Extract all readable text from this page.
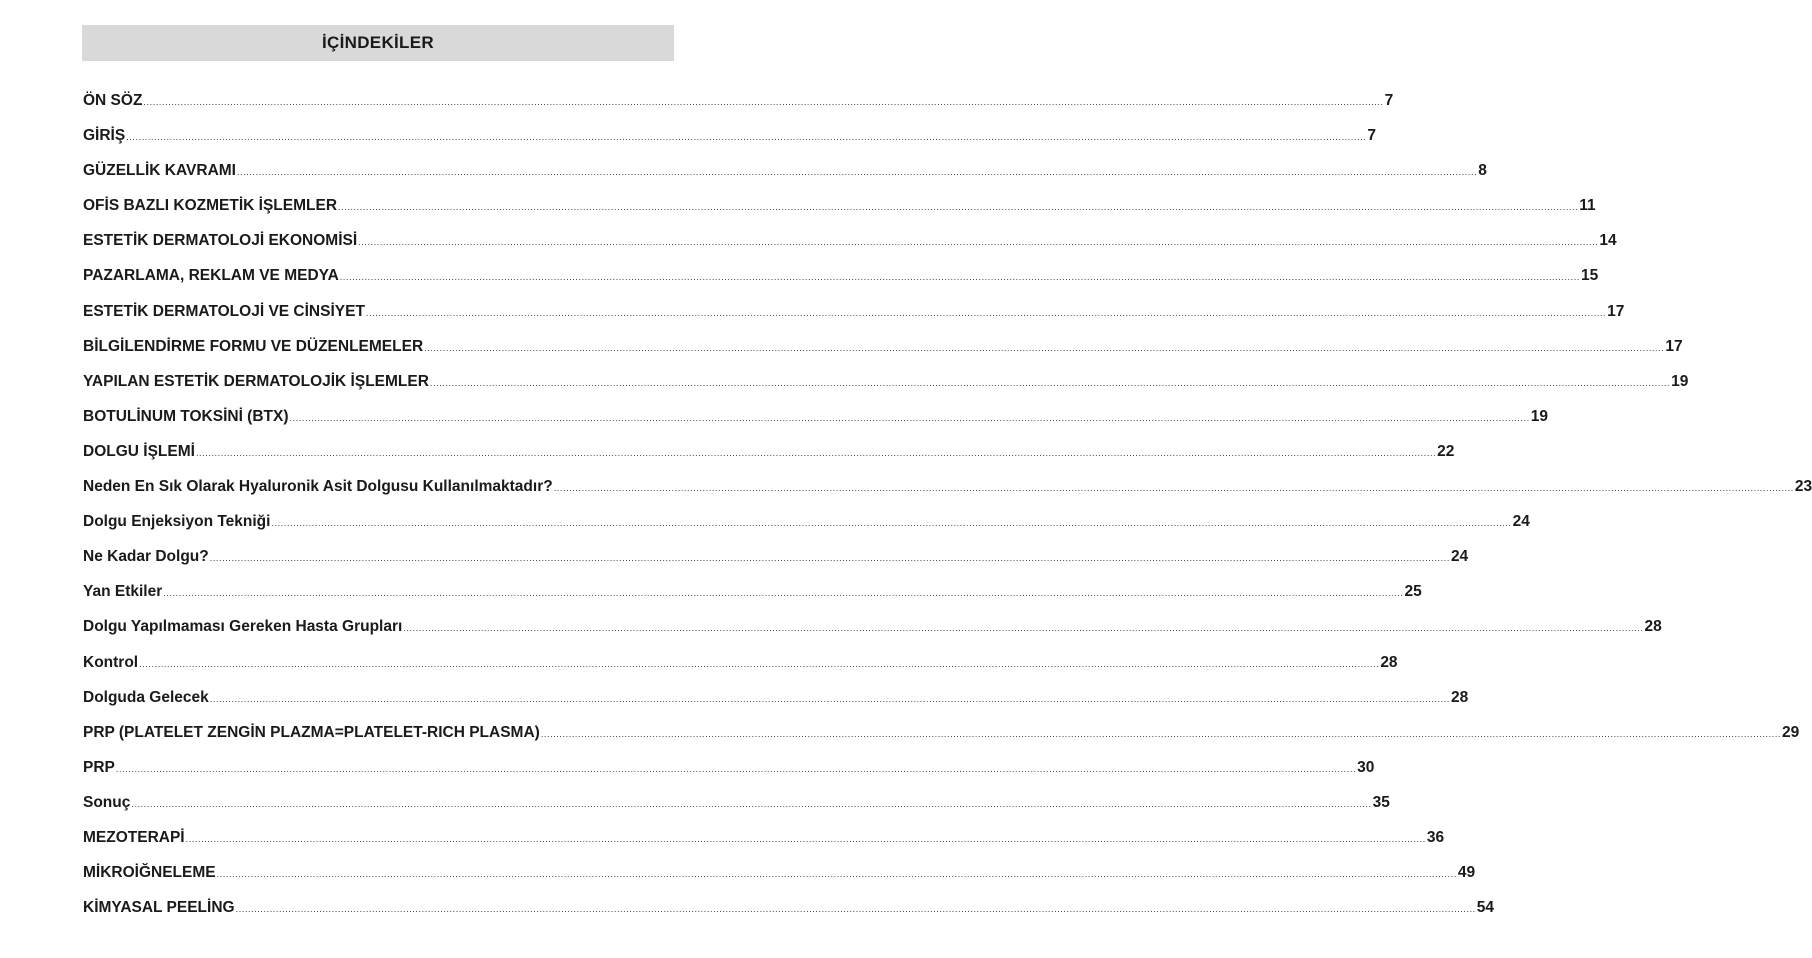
İÇİNDEKİLER
ÖN SÖZ ................................................................................................................................................................................................................................................................................................................................................................................................................ 7
GİRİŞ ................................................................................................................................................................................................................................................................................................................................................................................................................ 7
GÜZELLİK KAVRAMI ................................................................................................................................................................................................................................................................................................................................................................................................................ 8
OFİS BAZLI KOZMETİK İŞLEMLER ................................................................................................................................................................................................................................................................................................................................................................................................................ 11
ESTETİK DERMATOLOJİ EKONOMİSİ ................................................................................................................................................................................................................................................................................................................................................................................................................ 14
PAZARLAMA, REKLAM VE MEDYA ................................................................................................................................................................................................................................................................................................................................................................................................................ 15
ESTETİK DERMATOLOJİ VE CİNSİYET ................................................................................................................................................................................................................................................................................................................................................................................................................ 17
BİLGİLENDİRME FORMU VE DÜZENLEMELER ................................................................................................................................................................................................................................................................................................................................................................................................................ 17
YAPILAN ESTETİK DERMATOLOJİK İŞLEMLER ................................................................................................................................................................................................................................................................................................................................................................................................................ 19
BOTULİNUM TOKSİNİ (BTX) ................................................................................................................................................................................................................................................................................................................................................................................................................ 19
DOLGU İŞLEMİ ................................................................................................................................................................................................................................................................................................................................................................................................................ 22
Neden En Sık Olarak Hyaluronik Asit Dolgusu Kullanılmaktadır? ................................................................................................................................................................................................................................................................................................................................................................................................................ 23
Dolgu Enjeksiyon Tekniği ................................................................................................................................................................................................................................................................................................................................................................................................................ 24
Ne Kadar Dolgu? ................................................................................................................................................................................................................................................................................................................................................................................................................ 24
Yan Etkiler ................................................................................................................................................................................................................................................................................................................................................................................................................ 25
Dolgu Yapılmaması Gereken Hasta Grupları ................................................................................................................................................................................................................................................................................................................................................................................................................ 28
Kontrol ................................................................................................................................................................................................................................................................................................................................................................................................................ 28
Dolguda Gelecek ................................................................................................................................................................................................................................................................................................................................................................................................................ 28
PRP (PLATELET ZENGİN PLAZMA=PLATELET-RICH PLASMA) ................................................................................................................................................................................................................................................................................................................................................................................................................ 29
PRP ................................................................................................................................................................................................................................................................................................................................................................................................................ 30
Sonuç ................................................................................................................................................................................................................................................................................................................................................................................................................ 35
MEZOTERAPİ ................................................................................................................................................................................................................................................................................................................................................................................................................ 36
MİKROİĞNELEME ................................................................................................................................................................................................................................................................................................................................................................................................................ 49
KİMYASAL PEELİNG ................................................................................................................................................................................................................................................................................................................................................................................................................ 54
